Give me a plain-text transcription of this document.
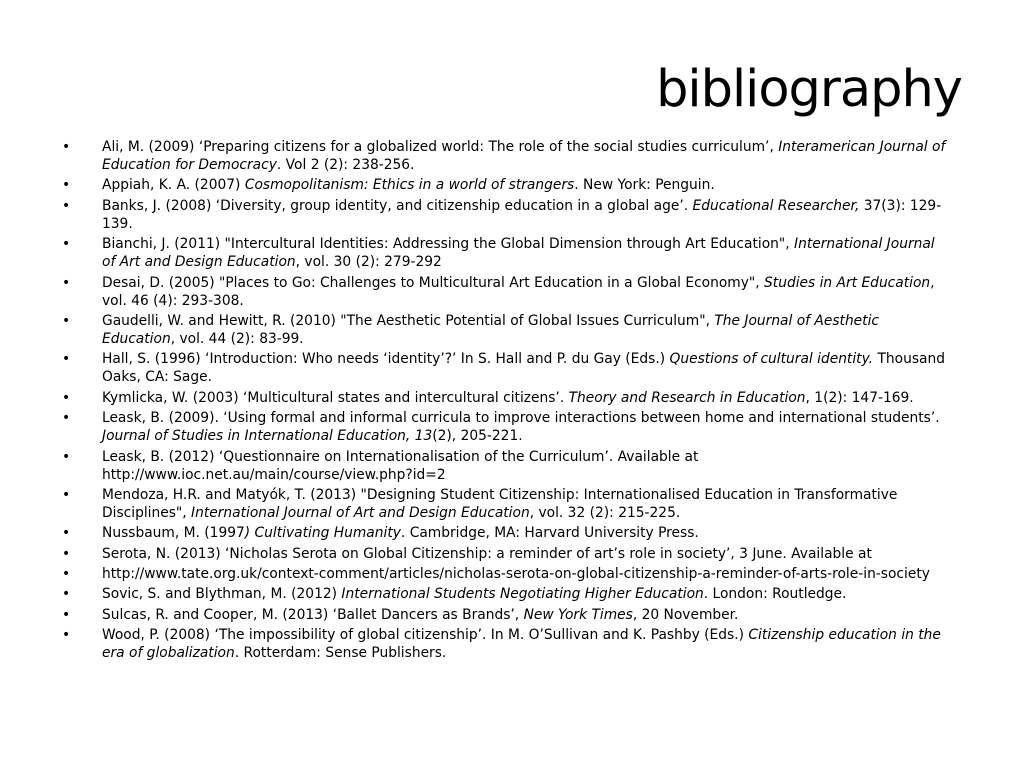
bibliography
• Ali, M. (2009) ‘Preparing citizens for a globalized world: The role of the social studies curriculum’, Interamerican Journal of Education for Democracy. Vol 2 (2): 238-256.
• Appiah, K. A. (2007) Cosmopolitanism: Ethics in a world of strangers. New York: Penguin.
• Banks, J. (2008) ‘Diversity, group identity, and citizenship education in a global age’. Educational Researcher, 37(3): 129-139.
• Bianchi, J. (2011) "Intercultural Identities: Addressing the Global Dimension through Art Education", International Journal of Art and Design Education, vol. 30 (2): 279-292
• Desai, D. (2005) "Places to Go: Challenges to Multicultural Art Education in a Global Economy", Studies in Art Education, vol. 46 (4): 293-308.
• Gaudelli, W. and Hewitt, R. (2010) "The Aesthetic Potential of Global Issues Curriculum", The Journal of Aesthetic Education, vol. 44 (2): 83-99.
• Hall, S. (1996) ‘Introduction: Who needs ‘identity’?’ In S. Hall and P. du Gay (Eds.) Questions of cultural identity. Thousand Oaks, CA: Sage.
• Kymlicka, W. (2003) ‘Multicultural states and intercultural citizens’. Theory and Research in Education, 1(2): 147-169.
• Leask, B. (2009). ‘Using formal and informal curricula to improve interactions between home and international students’. Journal of Studies in International Education, 13(2), 205-221.
• Leask, B. (2012) ‘Questionnaire on Internationalisation of the Curriculum’. Available at http://www.ioc.net.au/main/course/view.php?id=2
• Mendoza, H.R. and Matyók, T. (2013) "Designing Student Citizenship: Internationalised Education in Transformative Disciplines", International Journal of Art and Design Education, vol. 32 (2): 215-225.
• Nussbaum, M. (1997) Cultivating Humanity. Cambridge, MA: Harvard University Press.
• Serota, N. (2013) ‘Nicholas Serota on Global Citizenship: a reminder of art’s role in society’, 3 June. Available at
• http://www.tate.org.uk/context-comment/articles/nicholas-serota-on-global-citizenship-a-reminder-of-arts-role-in-society
• Sovic, S. and Blythman, M. (2012) International Students Negotiating Higher Education. London: Routledge.
• Sulcas, R. and Cooper, M. (2013) ‘Ballet Dancers as Brands’, New York Times, 20 November.
• Wood, P. (2008) ‘The impossibility of global citizenship’. In M. O’Sullivan and K. Pashby (Eds.) Citizenship education in the era of globalization. Rotterdam: Sense Publishers.
